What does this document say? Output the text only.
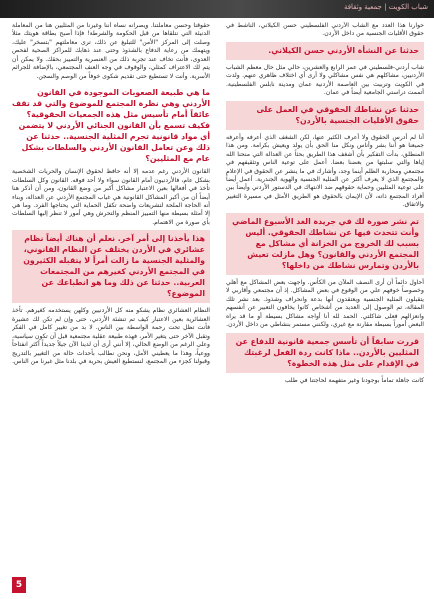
شباب الكويت | جمعية وثقافة

حوارنا هذا العدد مع الشاب الأردني الفلسطيني حسن الكيلاني، الناشط في حقوق الأقليات الجنسية من داخل الأردن.

حدثنا عن النشأة الأردني حسن الكيلاني.

شاب أردني-فلسطيني في عمر الرابع والعشرين، حالي مثل حال معظم الشباب الأردنيين، مشاكلهم هي نفس مشاكلي ولا أرى أي اختلاف ظاهري عنهم. ولدت في الكويت وتربيت بين العاصمة الأردنية عمان ومدينة نابلس الفلسطينية. أتممت دراستي الجامعية أيضاً في عمان.

حدثنا عن نشاطك الحقوقي في العمل على حقوق الأقليات الجنسية بالأردن؟

أنا لم أدرس الحقوق ولا أعرف الكثير عنها، لكن الشغف الذي أعرفه وأعرفه جميعنا هو أننا بشر وأناس ونكل منا الحق بأن يولد ويعيش بكرامة. ومن هذا المنطلق، بدأت التفكير بأن أشغف هذا الطريق بحثاً عن العدالة التي منحنا الله إياها والتي سلبتها من بعضنا بعضا. أعمل على توعية الناس وتثقيفهم في مجتمعي ومحاربة الظلم أينما وجد، وأشارك في ما ينشر عن الحقوق في الإعلام والمجتمع الذي لا يعرف أكثر عن المثلية الجنسية والهوية الجندرية. أعمل أيضاً على توعية المثليين وحماية حقوقهم ضد الانتهاك في الدستور الأردني وأيضاً بين أفراد المجتمع ذاته، لأن الإيمان بالحقوق هو الطريق الأمثل في مسيرة التغيير والاتفاق.

تم نشر صورة لك في جريدة الغد الأسبوع الماضي وأنت تتحدث فيها عن نشاطك الحقوقي. أليس بسبب لك الخروج من الخزانة أي مشاكل مع المجتمع الأردني والقانون؟ وهل مازلت تعيش بالأردن وتمارس نشاطك من داخلها؟

أحاول دائماً أن أرى النصف الملآن من الكأس. واجهت بعض المشاكل مع أهلي وخصوصاً خوفهم علي من الوقوع في بعض المشاكل. إذ أن مجتمعي وأقاربي لا يتقبلون المثلية الجنسية ويعتقدون أنها بدعة وانحراف وشذوذ. بعد نشر تلك المقالة، تم الوصول إلى العديد من أشخاص كانوا يخافون التعبير عن أنفسهم وانعزالهم فعلى شاكلتي. الحمد لله أنا أواجه مشاكل بسيطة أو ما قد يراه البعض أموراً بسيطة مقارنة مع غيري، ولكنني مستمر بنشاطي من داخل الأردن.

قررت سابقاً أن تأسس جمعية قانونية للدفاع عن المثليين بالأردن.. ماذا كانت ردة الفعل لرغبتك في الإقدام على مثل هذه الخطوة؟

كانت جاهلة تماماً بوجودنا وغير متفهمة لحاجتنا في طلب

حقوقنا وحسن معاملتنا. ويصرانه نساه أننا وغيرنا من المثليين هنا من المعاملة الدنيئة التي نتلقاها من قبل الحكومة والشرطة! فإذا أصبح بطاقة هويتك مثلاً وصلت إلى المركز "الأمن" للتبليغ عن ذلك، ترى معاملتهم "بتسخر" عليك، ويتهمك من رعاية الدفاع بالشذوذ وحتى عند ذهابك للمراكز الصحية لفحص العدوى، فأنت تخاف عند تجربة ذلك من العنصرية والتمييز بحقك. ولا يمكن أن يتم لك الاعتراف كمثلي، والوقوف في وجه العنف المجتمعي، بالإضافة للجرائم الأسرية. وأنت لا تستطيع حتى تقديم شكوى خوفاً من الوصم والسجن.

ما هي طبيعة الصعوبات الموجودة في القانون الأردني وهي نظرة المجتمع للموضوع والتي قد تقف عائقاً أمام تأسيس مثل هذه الجمعيات الحقوقية؟ فكيف تسمع بأن القانون الجنائي الأردني لا يتضمن أي مواد قانونية تجرم المثلية الجنسية.. حدثنا عن ذلك وعن تعامل القانون الأردني والسلطات بشكل عام مع المثليين؟

القانون الأردني رغم عدمه إلا أنه حافظ لحقوق الإنسان والحريات الشخصية بشكل عام، فالأردنيون أمام القانون سواء ولا أحد فوقه. القانون وكل السلطات تأخذ في أفعالها بعين الاعتبار مشاكل أكبر من وضع القانون، ومن أن أذكر هنا أيضاً أن من أكبر المشاكل القانونية هي غياب المجتمع الأردني عن العدالة، وبناء أنه الحاجة الملحة لتشريعات واضحة تكفل الحماية التي يحتاجها الفرد. وما هي إلا أمثلة بسيطة منها التمييز المنظم والتحرش وهي أمور لا تنظر إليها السلطات بأي صورة من الاهتمام.

هذا يأخذنا إلى أمر آخر. نعلم أن هناك أيضاً نظام عشائري في الأردن يختلف عن النظام القانوني، والمثلية الجنسية ما زالت أمراً لا يتقبله الكثيرون في المجتمع الأردني كغيرهم من المجتمعات العربية.. حدثنا عن ذلك وما هو انطباعك عن الموضوع؟

النظام العشائري نظام يشكو منه كل الأردنيين وكلهن يستخدمه كغيرهم. تأخذ العشائرية بعين الاعتبار كيف تم تنشئة الأردني، حتى وإن لم تكن لك عشيرة فأنت تظل تحت رحمة الواسطة بين الناس. لا بد من تغيير كامل في الفكر وتقبل الآخر حتى يتغير الأمر، فهذه طبيعة عقلية مجتمعية قبل أن تكون سياسية، وعلى الرغم من الوضع الحالي، إلا أنني أرى أن لدينا الآن جيلاً جديداً أكثر انفتاحاً ووعياً، وهذا ما يعطيني الأمل، ونحن نطالب بأحداث حالة من التغيير بالتدريج وقبولنا كجزء من المجتمع، لنستطيع العيش بحرية في بلدنا مثل غيرنا من الناس.

5
